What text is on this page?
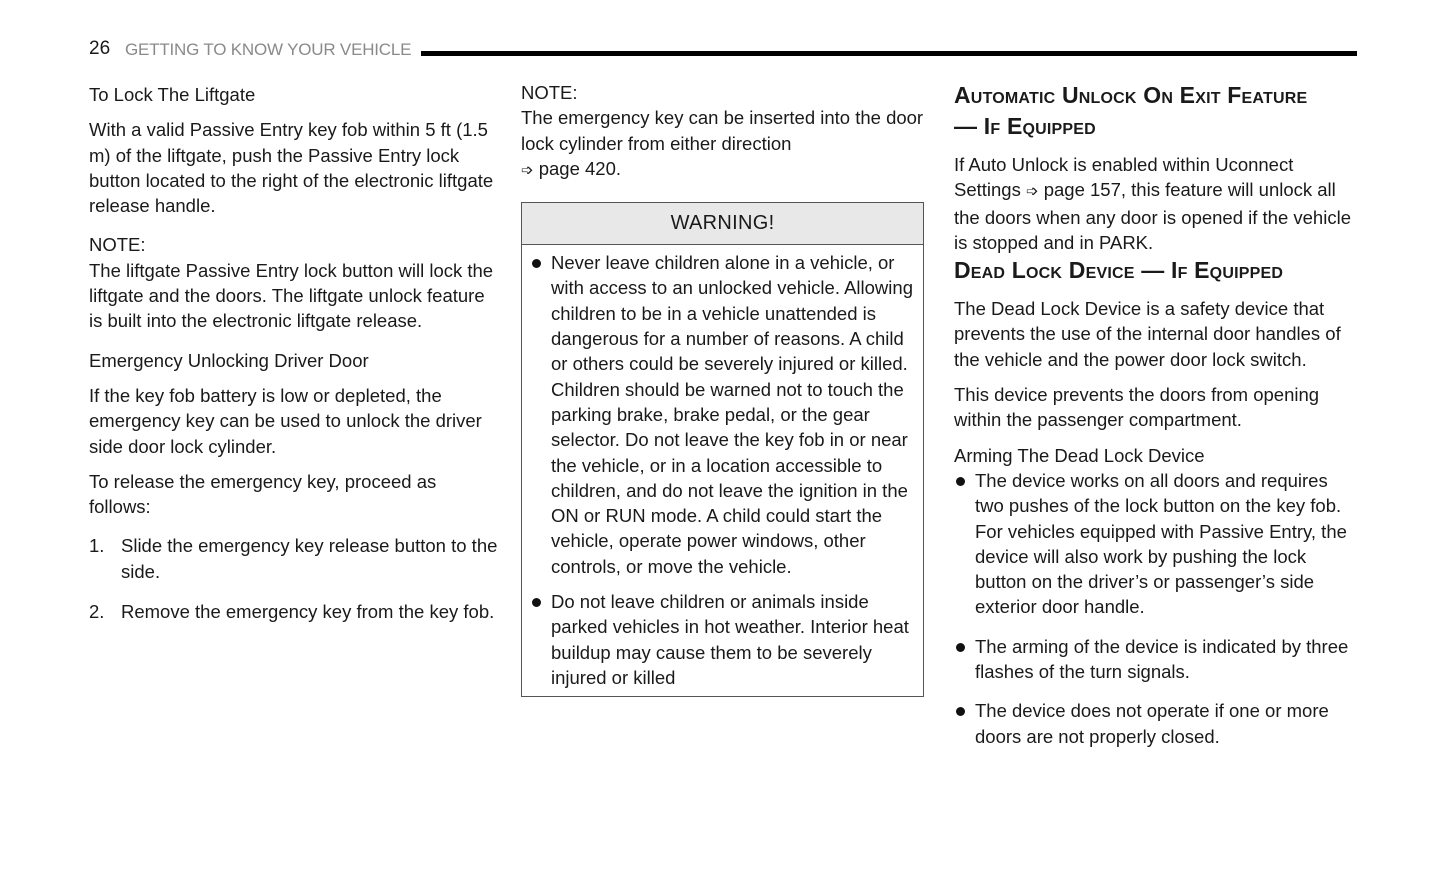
26 GETTING TO KNOW YOUR VEHICLE
To Lock The Liftgate

With a valid Passive Entry key fob within 5 ft (1.5 m) of the liftgate, push the Passive Entry lock button located to the right of the electronic liftgate release handle.

NOTE:

The liftgate Passive Entry lock button will lock the liftgate and the doors. The liftgate unlock feature is built into the electronic liftgate release.

Emergency Unlocking Driver Door

If the key fob battery is low or depleted, the emergency key can be used to unlock the driver side door lock cylinder.

To release the emergency key, proceed as follows:

1. Slide the emergency key release button to the side.
2. Remove the emergency key from the key fob.

NOTE:

The emergency key can be inserted into the door lock cylinder from either direction
➩ page 420.

WARNING!
Never leave children alone in a vehicle, or with access to an unlocked vehicle. Allowing children to be in a vehicle unattended is dangerous for a number of reasons. A child or others could be severely injured or killed. Children should be warned not to touch the parking brake, brake pedal, or the gear selector. Do not leave the key fob in or near the vehicle, or in a location accessible to children, and do not leave the ignition in the ON or RUN mode. A child could start the vehicle, operate power windows, other controls, or move the vehicle.
Do not leave children or animals inside parked vehicles in hot weather. Interior heat buildup may cause them to be severely injured or killed
Automatic Unlock On Exit Feature
— If Equipped

If Auto Unlock is enabled within Uconnect Settings ➩ page 157, this feature will unlock all the doors when any door is opened if the vehicle is stopped and in PARK.

Dead Lock Device — If Equipped

The Dead Lock Device is a safety device that prevents the use of the internal door handles of the vehicle and the power door lock switch.

This device prevents the doors from opening within the passenger compartment.

Arming The Dead Lock Device
The device works on all doors and requires two pushes of the lock button on the key fob. For vehicles equipped with Passive Entry, the device will also work by pushing the lock button on the driver’s or passenger’s side exterior door handle.
The arming of the device is indicated by three flashes of the turn signals.
The device does not operate if one or more doors are not properly closed.
